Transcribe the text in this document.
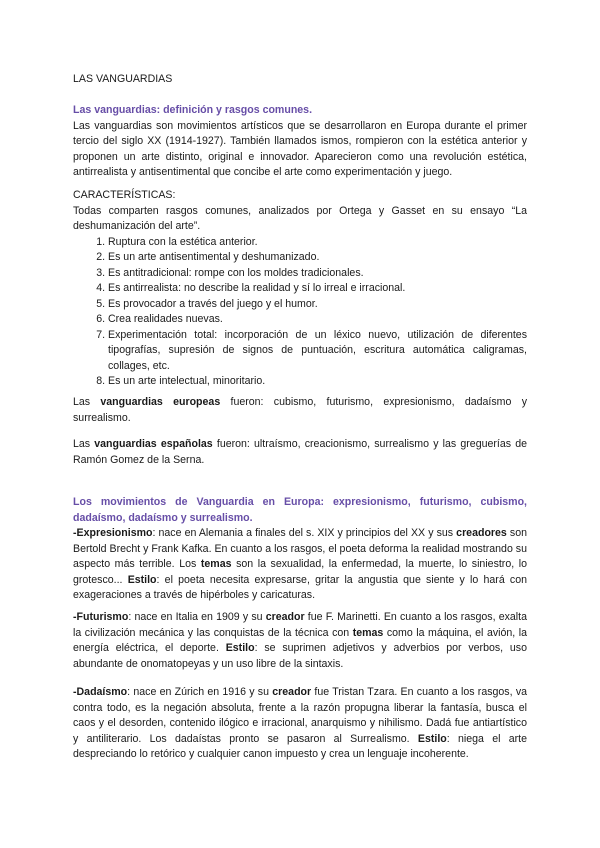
LAS VANGUARDIAS

Las vanguardias: definición y rasgos comunes.

Las vanguardias son movimientos artísticos que se desarrollaron en Europa durante el primer tercio del siglo XX (1914-1927). También llamados ismos, rompieron con la estética anterior y proponen un arte distinto, original e innovador. Aparecieron como una revolución estética, antirrealista y antisentimental que concibe el arte como experimentación y juego.

CARACTERÍSTICAS:

Todas comparten rasgos comunes, analizados por Ortega y Gasset en su ensayo “La deshumanización del arte”.

1. Ruptura con la estética anterior.
2. Es un arte antisentimental y deshumanizado.
3. Es antitradicional: rompe con los moldes tradicionales.
4. Es antirrealista: no describe la realidad y sí lo irreal e irracional.
5. Es provocador a través del juego y el humor.
6. Crea realidades nuevas.
7. Experimentación total: incorporación de un léxico nuevo, utilización de diferentes tipografías, supresión de signos de puntuación, escritura automática caligramas, collages, etc.
8. Es un arte intelectual, minoritario.
Las vanguardias europeas fueron: cubismo, futurismo, expresionismo, dadaísmo y surrealismo.
Las vanguardias españolas fueron: ultraísmo, creacionismo, surrealismo y las greguerías de Ramón Gomez de la Serna.

Los movimientos de Vanguardia en Europa: expresionismo, futurismo, cubismo, dadaísmo, dadaísmo y surrealismo.

-Expresionismo: nace en Alemania a finales del s. XIX y principios del XX y sus creadores son Bertold Brecht y Frank Kafka. En cuanto a los rasgos, el poeta deforma la realidad mostrando su aspecto más terrible. Los temas son la sexualidad, la enfermedad, la muerte, lo siniestro, lo grotesco... Estilo: el poeta necesita expresarse, gritar la angustia que siente y lo hará con exageraciones a través de hipérboles y caricaturas.

-Futurismo: nace en Italia en 1909 y su creador fue F. Marinetti. En cuanto a los rasgos, exalta la civilización mecánica y las conquistas de la técnica con temas como la máquina, el avión, la energía eléctrica, el deporte. Estilo: se suprimen adjetivos y adverbios por verbos, uso abundante de onomatopeyas y un uso libre de la sintaxis.
-Dadaísmo: nace en Zúrich en 1916 y su creador fue Tristan Tzara. En cuanto a los rasgos, va contra todo, es la negación absoluta, frente a la razón propugna liberar la fantasía, busca el caos y el desorden, contenido ilógico e irracional, anarquismo y nihilismo. Dadá fue antiartístico y antiliterario. Los dadaístas pronto se pasaron al Surrealismo. Estilo: niega el arte despreciando lo retórico y cualquier canon impuesto y crea un lenguaje incoherente.
